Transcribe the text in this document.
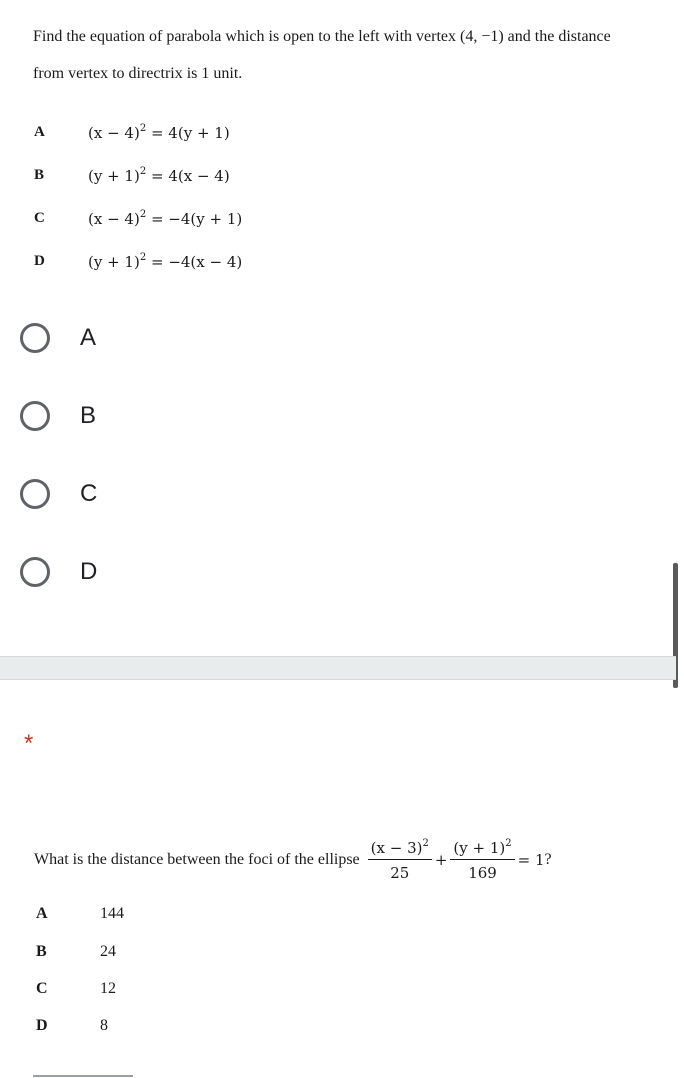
Find the equation of parabola which is open to the left with vertex (4, −1) and the distance
from vertex to directrix is 1 unit.
A	$(x - 4)^2 = 4(y + 1)$
B	$(y + 1)^2 = 4(x - 4)$
C	$(x - 4)^2 = -4(y + 1)$
D	$(y + 1)^2 = -4(x - 4)$
A
B
C
D
*
What is the distance between the foci of the ellipse $\frac{(x - 3)^2}{25} + \frac{(y + 1)^2}{169} = 1$ ?
A	144
B	24
C	12
D	8
